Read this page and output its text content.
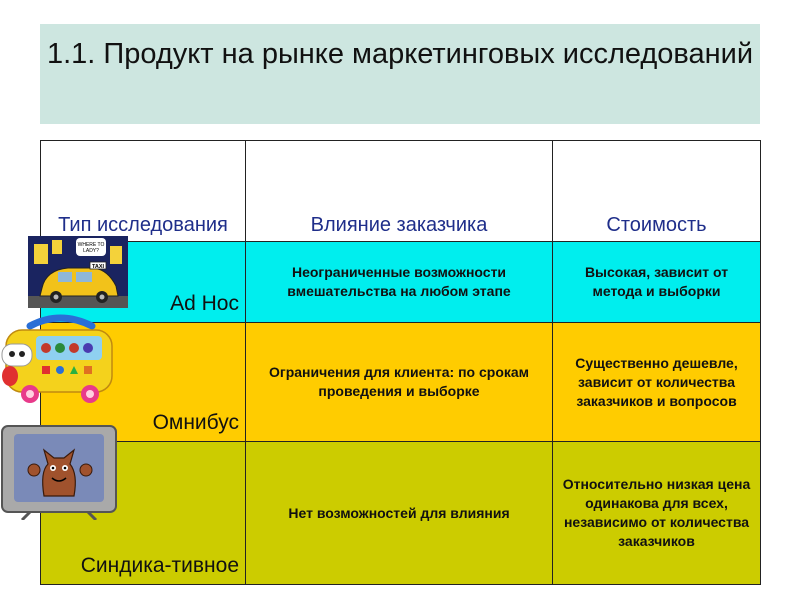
1.1. Продукт на рынке маркетинговых исследований
Тип исследования	Влияние заказчика	Стоимость
Ad Hoc	Неограниченные возможности вмешательства на любом этапе	Высокая, зависит от метода и выборки
Омнибус	Ограничения для клиента: по срокам проведения и выборке	Существенно дешевле, зависит от количества заказчиков и вопросов
Синдика-тивное	Нет возможностей для влияния	Относительно низкая цена одинакова для всех, независимо от количества заказчиков
WHERE TO
LADY?
TAXI
